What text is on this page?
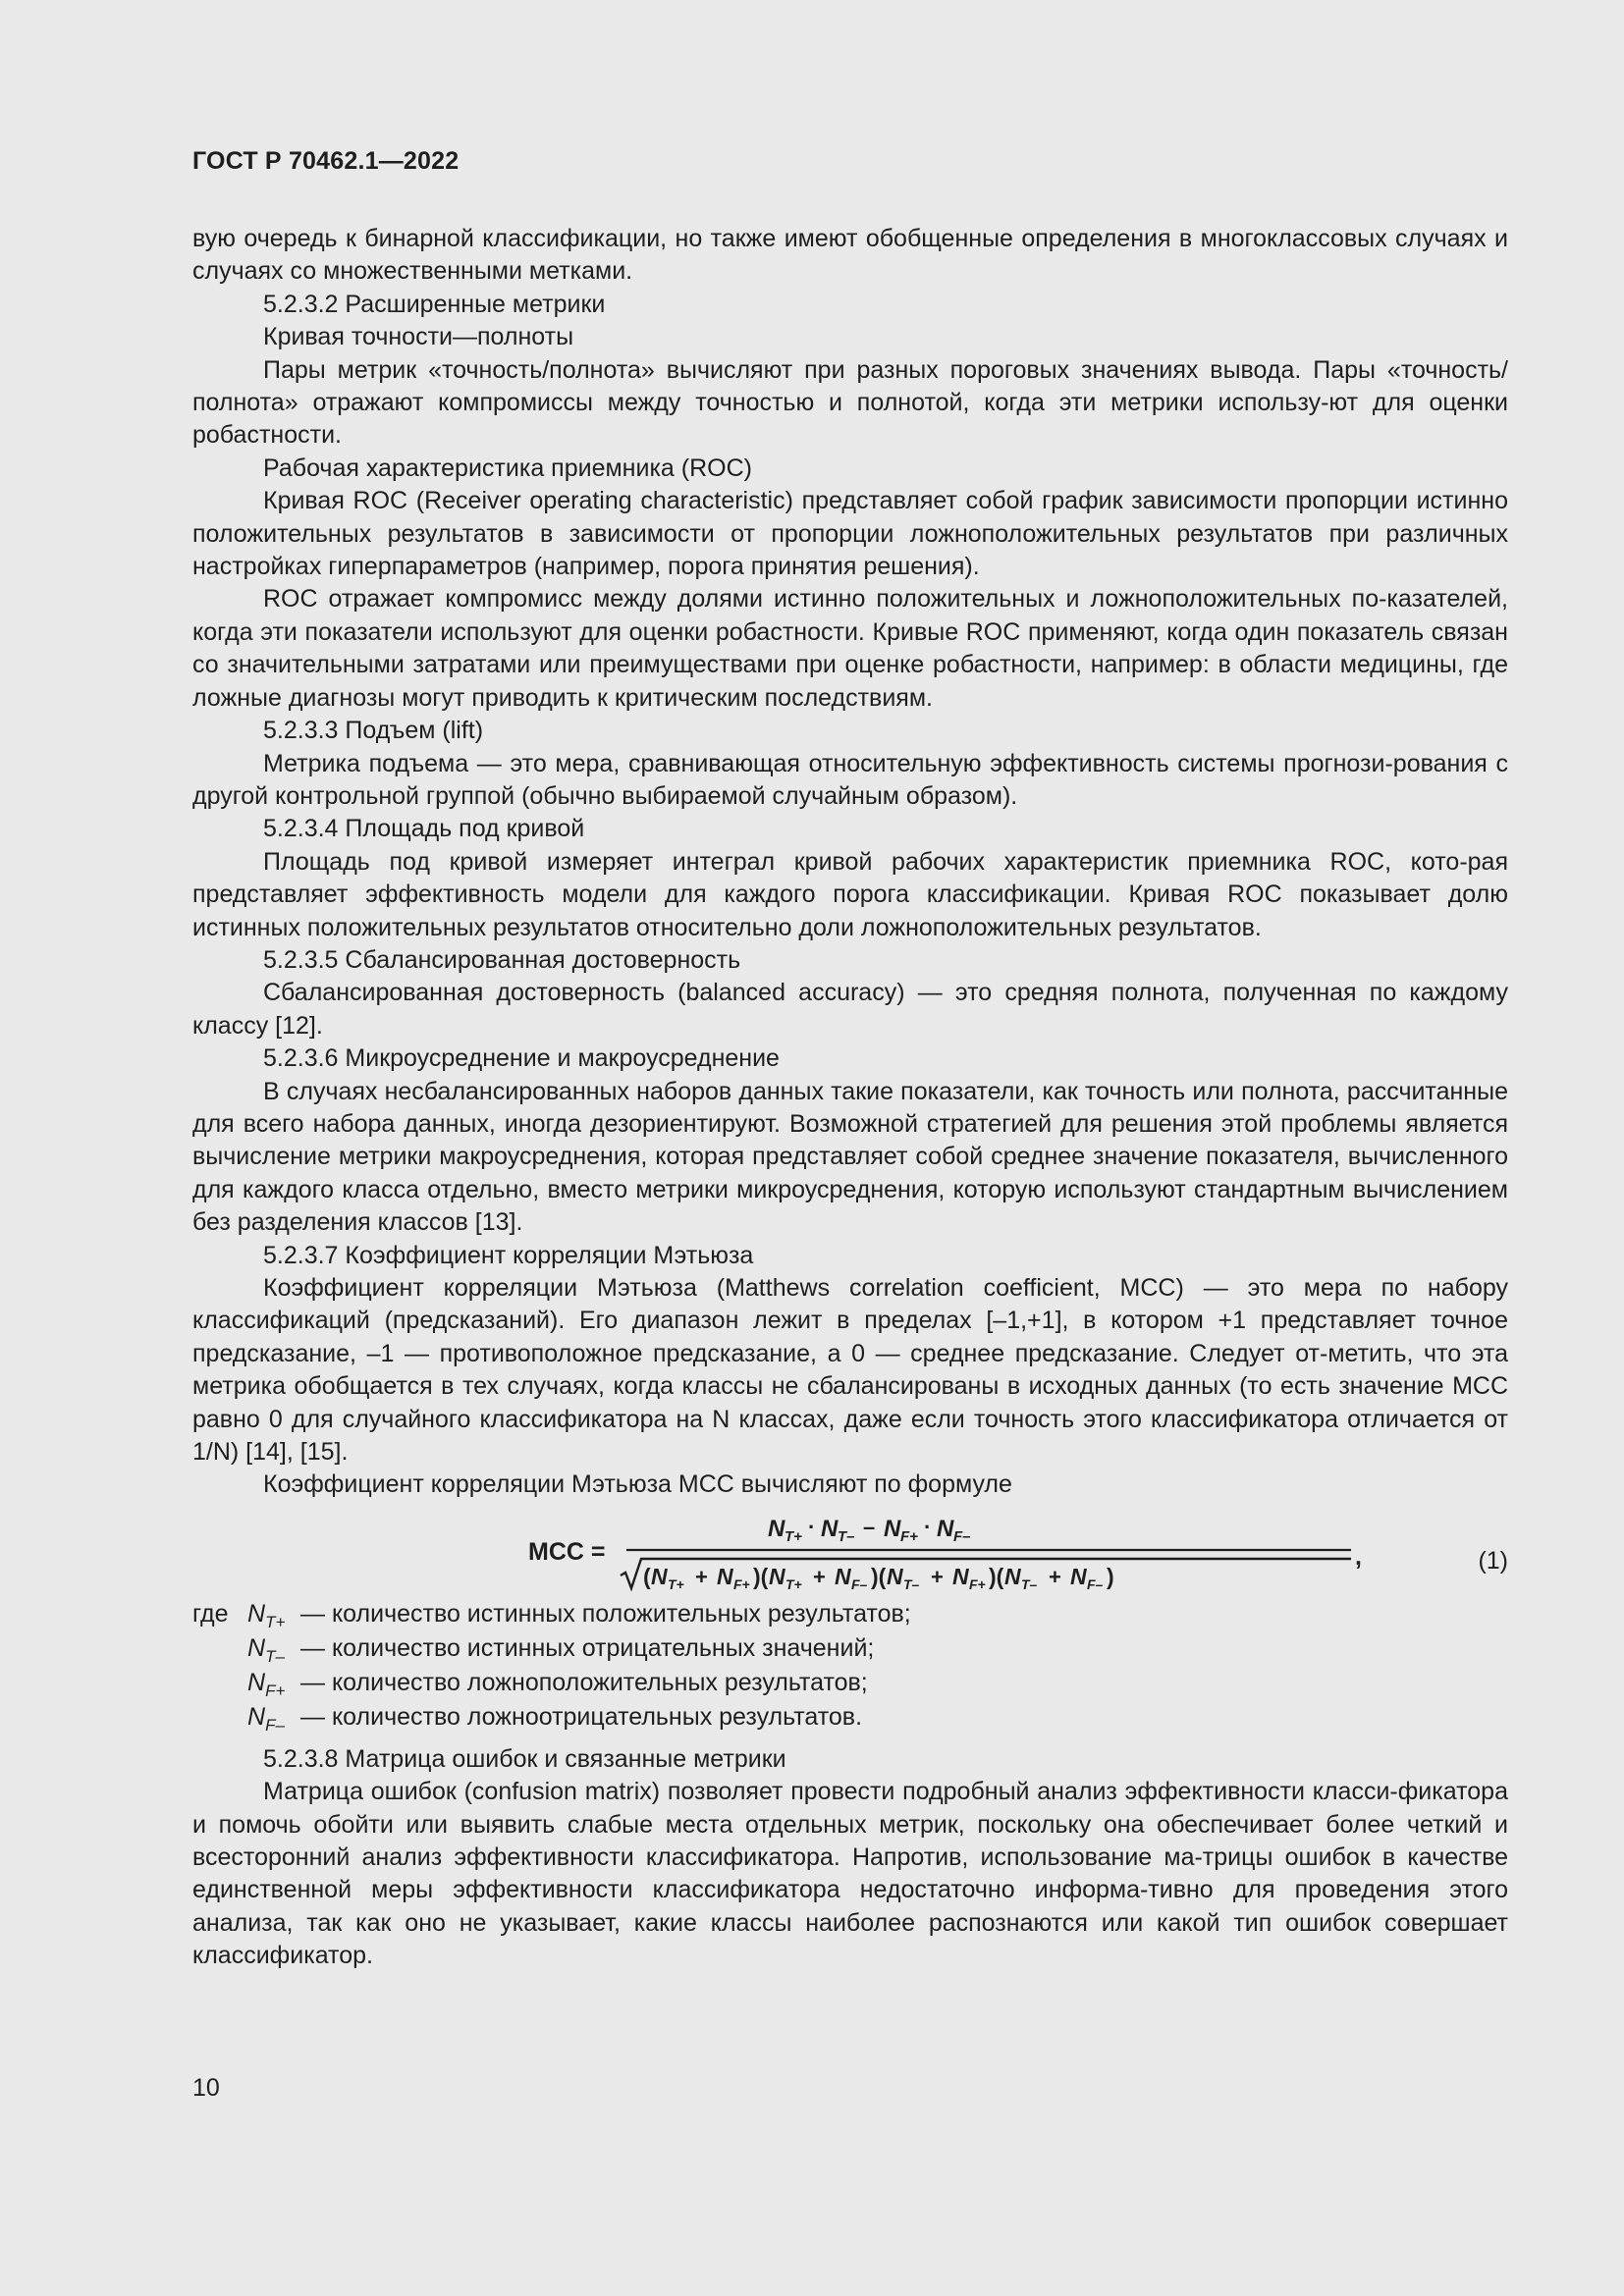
ГОСТ Р 70462.1—2022

вую очередь к бинарной классификации, но также имеют обобщенные определения в многоклассовых случаях и случаях со множественными метками.

5.2.3.2 Расширенные метрики

Кривая точности—полноты

Пары метрик «точность/полнота» вычисляют при разных пороговых значениях вывода. Пары «точность/полнота» отражают компромиссы между точностью и полнотой, когда эти метрики использу-ют для оценки робастности.

Рабочая характеристика приемника (ROC)

Кривая ROC (Receiver operating characteristic) представляет собой график зависимости пропорции истинно положительных результатов в зависимости от пропорции ложноположительных результатов при различных настройках гиперпараметров (например, порога принятия решения).

ROC отражает компромисс между долями истинно положительных и ложноположительных по-казателей, когда эти показатели используют для оценки робастности. Кривые ROC применяют, когда один показатель связан со значительными затратами или преимуществами при оценке робастности, например: в области медицины, где ложные диагнозы могут приводить к критическим последствиям.

5.2.3.3 Подъем (lift)

Метрика подъема — это мера, сравнивающая относительную эффективность системы прогнози-рования с другой контрольной группой (обычно выбираемой случайным образом).

5.2.3.4 Площадь под кривой

Площадь под кривой измеряет интеграл кривой рабочих характеристик приемника ROC, кото-рая представляет эффективность модели для каждого порога классификации. Кривая ROC показывает долю истинных положительных результатов относительно доли ложноположительных результатов.

5.2.3.5 Сбалансированная достоверность

Сбалансированная достоверность (balanced accuracy) — это средняя полнота, полученная по каждому классу [12].

5.2.3.6 Микроусреднение и макроусреднение

В случаях несбалансированных наборов данных такие показатели, как точность или полнота, рассчитанные для всего набора данных, иногда дезориентируют. Возможной стратегией для решения этой проблемы является вычисление метрики макроусреднения, которая представляет собой среднее значение показателя, вычисленного для каждого класса отдельно, вместо метрики микроусреднения, которую используют стандартным вычислением без разделения классов [13].

5.2.3.7 Коэффициент корреляции Мэтьюза

Коэффициент корреляции Мэтьюза (Matthews correlation coefficient, MCC) — это мера по набору классификаций (предсказаний). Его диапазон лежит в пределах [–1,+1], в котором +1 представляет точное предсказание, –1 — противоположное предсказание, а 0 — среднее предсказание. Следует от-метить, что эта метрика обобщается в тех случаях, когда классы не сбалансированы в исходных данных (то есть значение MCC равно 0 для случайного классификатора на N классах, даже если точность этого классификатора отличается от 1/N) [14], [15].

Коэффициент корреляции Мэтьюза MCC вычисляют по формуле

MCC =
N T+ · N T– – N F+ · N F–
( N T+ + N F+ )( N T+ + N F– )( N T– + N F+ )( N T– + N F– )
,	(1)
где $N_{T+}$ — количество истинных положительных результатов;
$N_{T-}$ — количество истинных отрицательных значений;
$N_{F+}$ — количество ложноположительных результатов;
$N_{F-}$ — количество ложноотрицательных результатов.

5.2.3.8 Матрица ошибок и связанные метрики

Матрица ошибок (confusion matrix) позволяет провести подробный анализ эффективности класси-фикатора и помочь обойти или выявить слабые места отдельных метрик, поскольку она обеспечивает более четкий и всесторонний анализ эффективности классификатора. Напротив, использование ма-трицы ошибок в качестве единственной меры эффективности классификатора недостаточно информа-тивно для проведения этого анализа, так как оно не указывает, какие классы наиболее распознаются или какой тип ошибок совершает классификатор.

10
